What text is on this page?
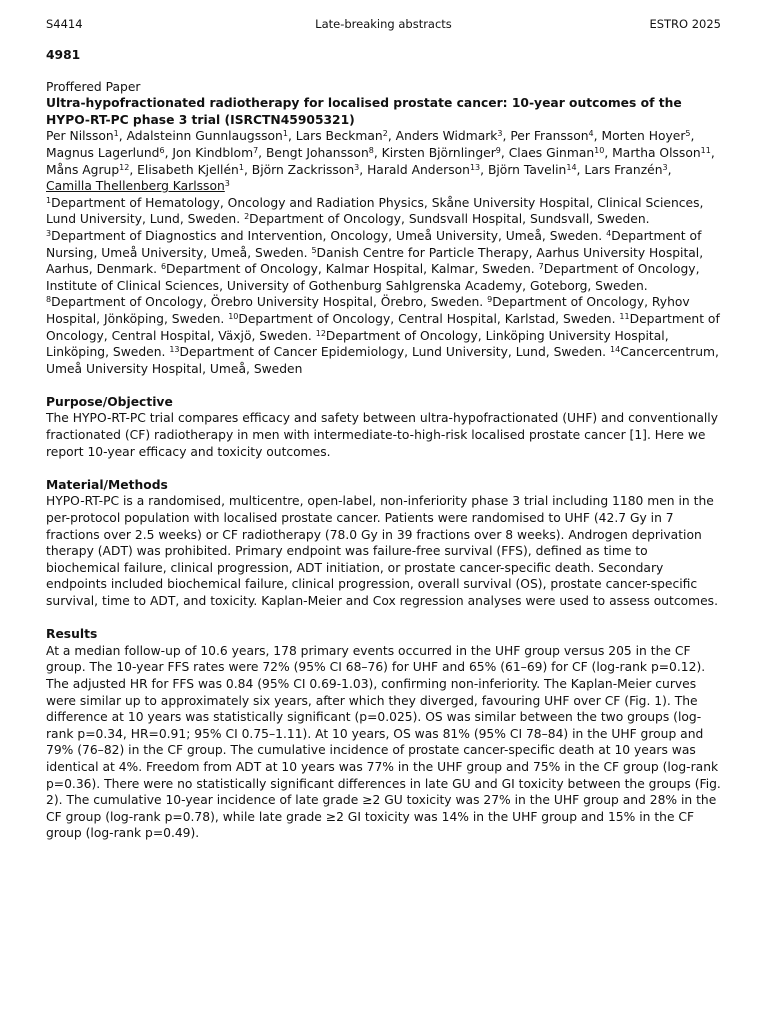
S4414	Late-breaking abstracts	ESTRO 2025
4981

Proffered Paper

Ultra-hypofractionated radiotherapy for localised prostate cancer: 10-year outcomes of the HYPO-RT-PC phase 3 trial (ISRCTN45905321)

Per Nilsson$^1$, Adalsteinn Gunnlaugsson$^1$, Lars Beckman$^2$, Anders Widmark$^3$, Per Fransson$^4$, Morten Hoyer$^5$, Magnus Lagerlund$^6$, Jon Kindblom$^7$, Bengt Johansson$^8$, Kirsten Björnlinger$^9$, Claes Ginman$^{10}$, Martha Olsson$^{11}$, Måns Agrup$^{12}$, Elisabeth Kjellén$^1$, Björn Zackrisson$^3$, Harald Anderson$^{13}$, Björn Tavelin$^{14}$, Lars Franzén$^3$, Camilla Thellenberg Karlsson$^3$

$^1$Department of Hematology, Oncology and Radiation Physics, Skåne University Hospital, Clinical Sciences, Lund University, Lund, Sweden. $^2$Department of Oncology, Sundsvall Hospital, Sundsvall, Sweden. $^3$Department of Diagnostics and Intervention, Oncology, Umeå University, Umeå, Sweden. $^4$Department of Nursing, Umeå University, Umeå, Sweden. $^5$Danish Centre for Particle Therapy, Aarhus University Hospital, Aarhus, Denmark. $^6$Department of Oncology, Kalmar Hospital, Kalmar, Sweden. $^7$Department of Oncology, Institute of Clinical Sciences, University of Gothenburg Sahlgrenska Academy, Goteborg, Sweden. $^8$Department of Oncology, Örebro University Hospital, Örebro, Sweden. $^9$Department of Oncology, Ryhov Hospital, Jönköping, Sweden. $^{10}$Department of Oncology, Central Hospital, Karlstad, Sweden. $^{11}$Department of Oncology, Central Hospital, Växjö, Sweden. $^{12}$Department of Oncology, Linköping University Hospital, Linköping, Sweden. $^{13}$Department of Cancer Epidemiology, Lund University, Lund, Sweden. $^{14}$Cancercentrum, Umeå University Hospital, Umeå, Sweden

Purpose/Objective

The HYPO-RT-PC trial compares efficacy and safety between ultra-hypofractionated (UHF) and conventionally fractionated (CF) radiotherapy in men with intermediate-to-high-risk localised prostate cancer [1]. Here we report 10-year efficacy and toxicity outcomes.

Material/Methods

HYPO-RT-PC is a randomised, multicentre, open-label, non-inferiority phase 3 trial including 1180 men in the per-protocol population with localised prostate cancer. Patients were randomised to UHF (42.7 Gy in 7 fractions over 2.5 weeks) or CF radiotherapy (78.0 Gy in 39 fractions over 8 weeks). Androgen deprivation therapy (ADT) was prohibited. Primary endpoint was failure-free survival (FFS), defined as time to biochemical failure, clinical progression, ADT initiation, or prostate cancer-specific death. Secondary endpoints included biochemical failure, clinical progression, overall survival (OS), prostate cancer-specific survival, time to ADT, and toxicity. Kaplan-Meier and Cox regression analyses were used to assess outcomes.

Results

At a median follow-up of 10.6 years, 178 primary events occurred in the UHF group versus 205 in the CF group. The 10-year FFS rates were 72% (95% CI 68–76) for UHF and 65% (61–69) for CF (log-rank p=0.12). The adjusted HR for FFS was 0.84 (95% CI 0.69-1.03), confirming non-inferiority. The Kaplan-Meier curves were similar up to approximately six years, after which they diverged, favouring UHF over CF (Fig. 1). The difference at 10 years was statistically significant (p=0.025). OS was similar between the two groups (log-rank p=0.34, HR=0.91; 95% CI 0.75–1.11). At 10 years, OS was 81% (95% CI 78–84) in the UHF group and 79% (76–82) in the CF group. The cumulative incidence of prostate cancer-specific death at 10 years was identical at 4%. Freedom from ADT at 10 years was 77% in the UHF group and 75% in the CF group (log-rank p=0.36). There were no statistically significant differences in late GU and GI toxicity between the groups (Fig. 2). The cumulative 10-year incidence of late grade ≥2 GU toxicity was 27% in the UHF group and 28% in the CF group (log-rank p=0.78), while late grade ≥2 GI toxicity was 14% in the UHF group and 15% in the CF group (log-rank p=0.49).
